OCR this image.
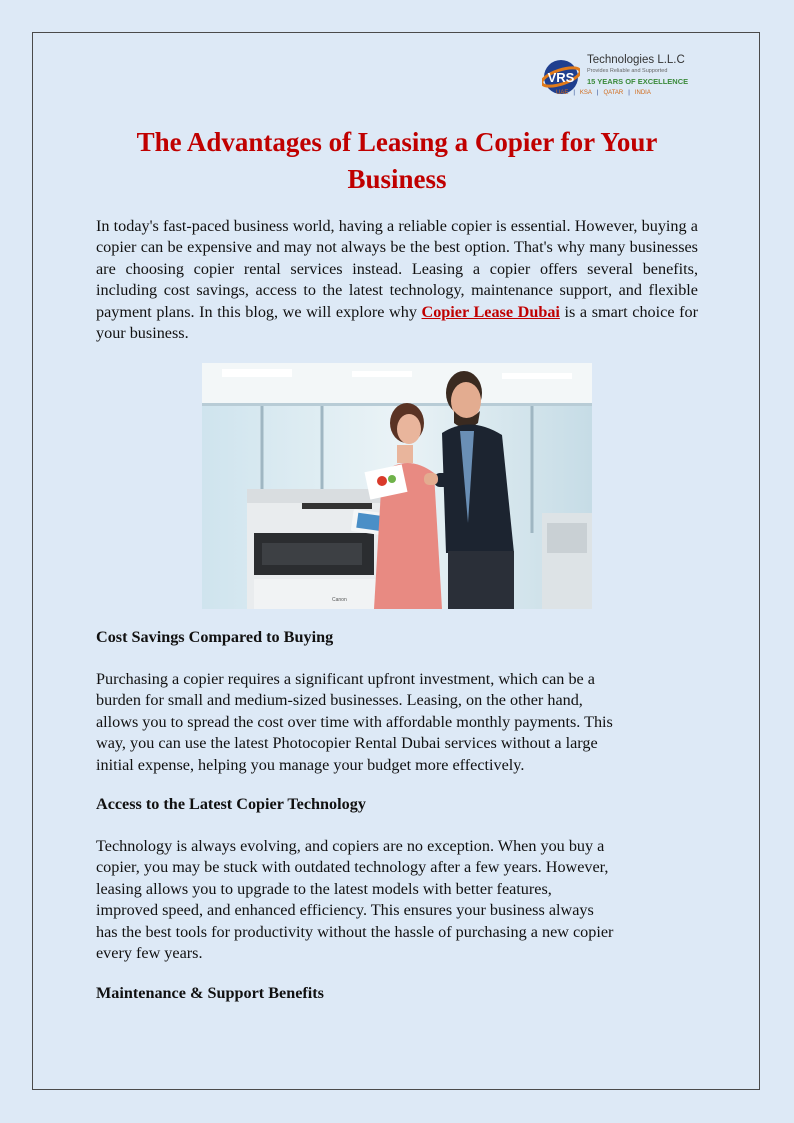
VRS
Technologies L.L.C
Provides Reliable and Supported
15 YEARS OF EXCELLENCE
UAE | KSA | QATAR | INDIA
The Advantages of Leasing a Copier for Your Business

In today's fast-paced business world, having a reliable copier is essential. However, buying a copier can be expensive and may not always be the best option. That's why many businesses are choosing copier rental services instead. Leasing a copier offers several benefits, including cost savings, access to the latest technology, maintenance support, and flexible payment plans. In this blog, we will explore why Copier Lease Dubai is a smart choice for your business.

Canon
Cost Savings Compared to Buying
Purchasing a copier requires a significant upfront investment, which can be a
burden for small and medium-sized businesses. Leasing, on the other hand,
allows you to spread the cost over time with affordable monthly payments. This
way, you can use the latest Photocopier Rental Dubai services without a large
initial expense, helping you manage your budget more effectively.
Access to the Latest Copier Technology
Technology is always evolving, and copiers are no exception. When you buy a
copier, you may be stuck with outdated technology after a few years. However,
leasing allows you to upgrade to the latest models with better features,
improved speed, and enhanced efficiency. This ensures your business always
has the best tools for productivity without the hassle of purchasing a new copier
every few years.
Maintenance & Support Benefits
